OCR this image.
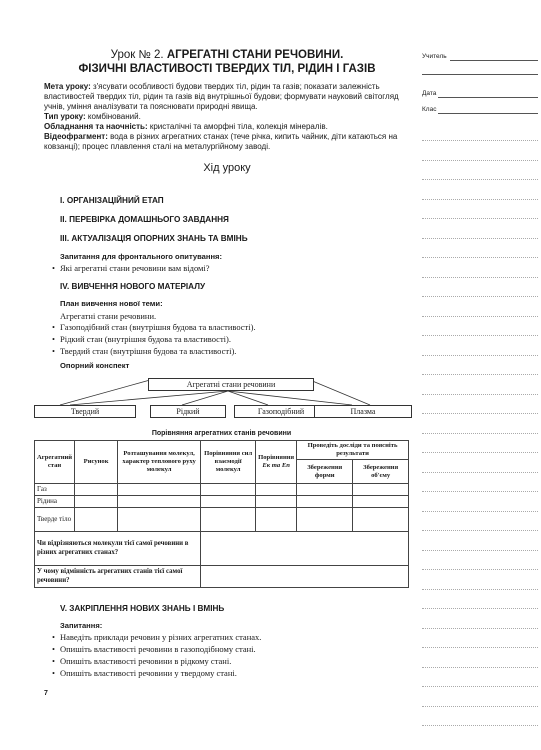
Урок № 2. АГРЕГАТНІ СТАНИ РЕЧОВИНИ.

ФІЗИЧНІ ВЛАСТИВОСТІ ТВЕРДИХ ТІЛ, РІДИН І ГАЗІВ

Мета уроку: з'ясувати особливості будови твердих тіл, рідин та газів; показати залежність властивостей твердих тіл, рідин та газів від внутрішньої будови; формувати науковий світогляд учнів, уміння аналізувати та пояснювати природні явища.

Тип уроку: комбінований.

Обладнання та наочність: кристалічні та аморфні тіла, колекція мінералів.

Відеофрагмент: вода в різних агрегатних станах (тече річка, кипить чайник, діти катаються на ковзанці); процес плавлення сталі на металургійному заводі.

Хід уроку

I. ОРГАНІЗАЦІЙНИЙ ЕТАП
II. ПЕРЕВІРКА ДОМАШНЬОГО ЗАВДАННЯ
III. АКТУАЛІЗАЦІЯ ОПОРНИХ ЗНАНЬ ТА ВМІНЬ
Запитання для фронтального опитування:
• Які агрегатні стани речовини вам відомі?
IV. ВИВЧЕННЯ НОВОГО МАТЕРІАЛУ
План вивчення нової теми:
Агрегатні стани речовини.
• Газоподібний стан (внутрішня будова та властивості).
• Рідкий стан (внутрішня будова та властивості).
• Твердий стан (внутрішня будова та властивості).
Опорний конспект
Агрегатні стани речовини
Твердий	Рідкий	Газоподібний	Плазма
Порівняння агрегатних станів речовини
Агрегатний стан	Рисунок	Розташування молекул, характер теплового руху молекул	Порівняння сил взаємодії молекул	Порівняння
Eк та Eп	Проведіть досліди та поясніть результати	
					Збереження форми	Збереження об'єму
Газ						
Рідина						
Тверде тіло						
Чи відрізняються молекули тієї самої речовини в різних агрегатних станах?						
У чому відмінність агрегатних станів тієї самої речовини?						
V. ЗАКРІПЛЕННЯ НОВИХ ЗНАНЬ І ВМІНЬ
Запитання:
• Наведіть приклади речовин у різних агрегатних станах.
• Опишіть властивості речовини в газоподібному стані.
• Опишіть властивості речовини в рідкому стані.
• Опишіть властивості речовини у твердому стані.
7
Учитель
Дата
Клас
